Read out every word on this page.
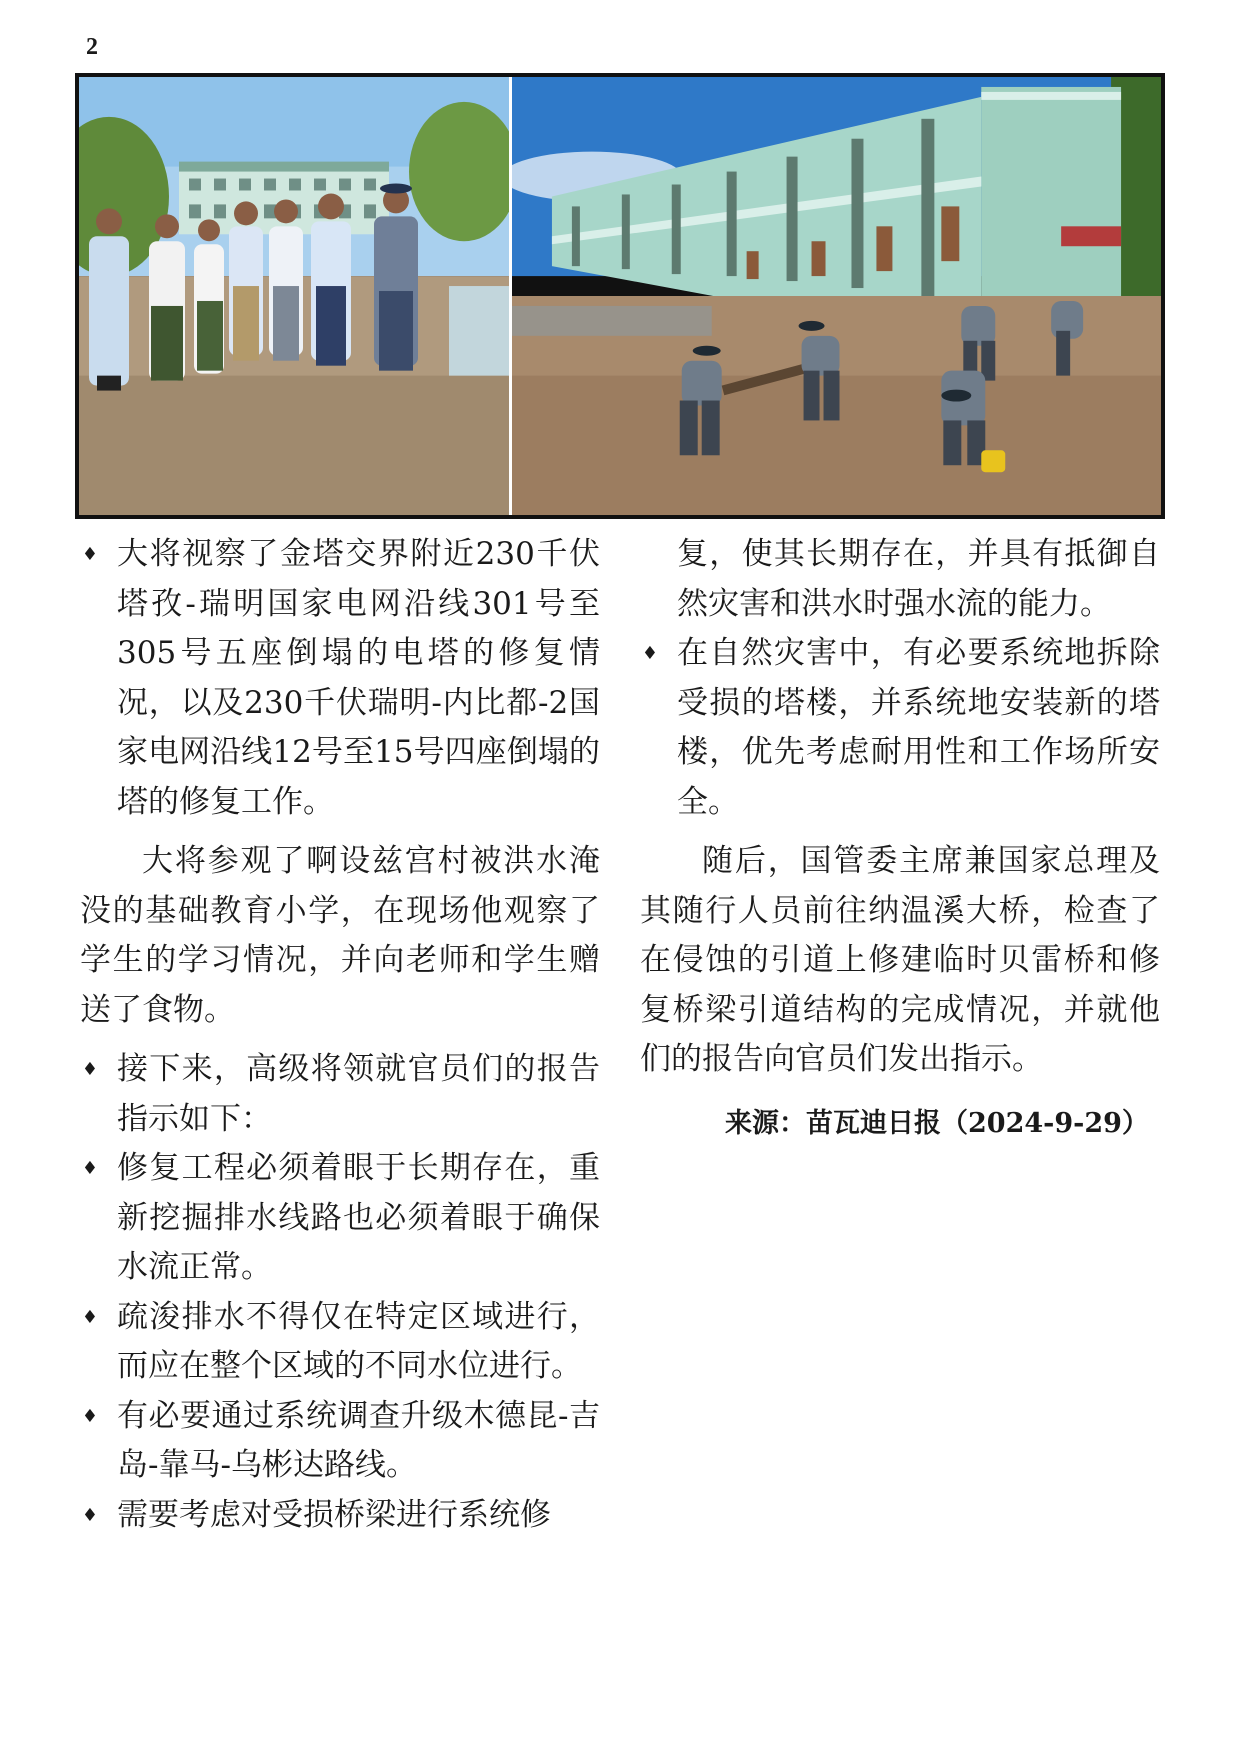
2
♦ 大将视察了金塔交界附近230千伏塔孜-瑞明国家电网沿线301号至305号五座倒塌的电塔的修复情况，以及230千伏瑞明-内比都-2国家电网沿线12号至15号四座倒塌的塔的修复工作。
大将参观了啊设兹宫村被洪水淹没的基础教育小学，在现场他观察了学生的学习情况，并向老师和学生赠送了食物。
♦ 接下来，高级将领就官员们的报告指示如下：
♦ 修复工程必须着眼于长期存在，重新挖掘排水线路也必须着眼于确保水流正常。
♦ 疏浚排水不得仅在特定区域进行，而应在整个区域的不同水位进行。
♦ 有必要通过系统调查升级木德昆-吉岛-靠马-乌彬达路线。
♦ 需要考虑对受损桥梁进行系统修
复，使其长期存在，并具有抵御自然灾害和洪水时强水流的能力。
♦ 在自然灾害中，有必要系统地拆除受损的塔楼，并系统地安装新的塔楼，优先考虑耐用性和工作场所安全。
随后，国管委主席兼国家总理及其随行人员前往纳温溪大桥，检查了在侵蚀的引道上修建临时贝雷桥和修复桥梁引道结构的完成情况，并就他们的报告向官员们发出指示。
来源：苗瓦迪日报（2024-9-29）
